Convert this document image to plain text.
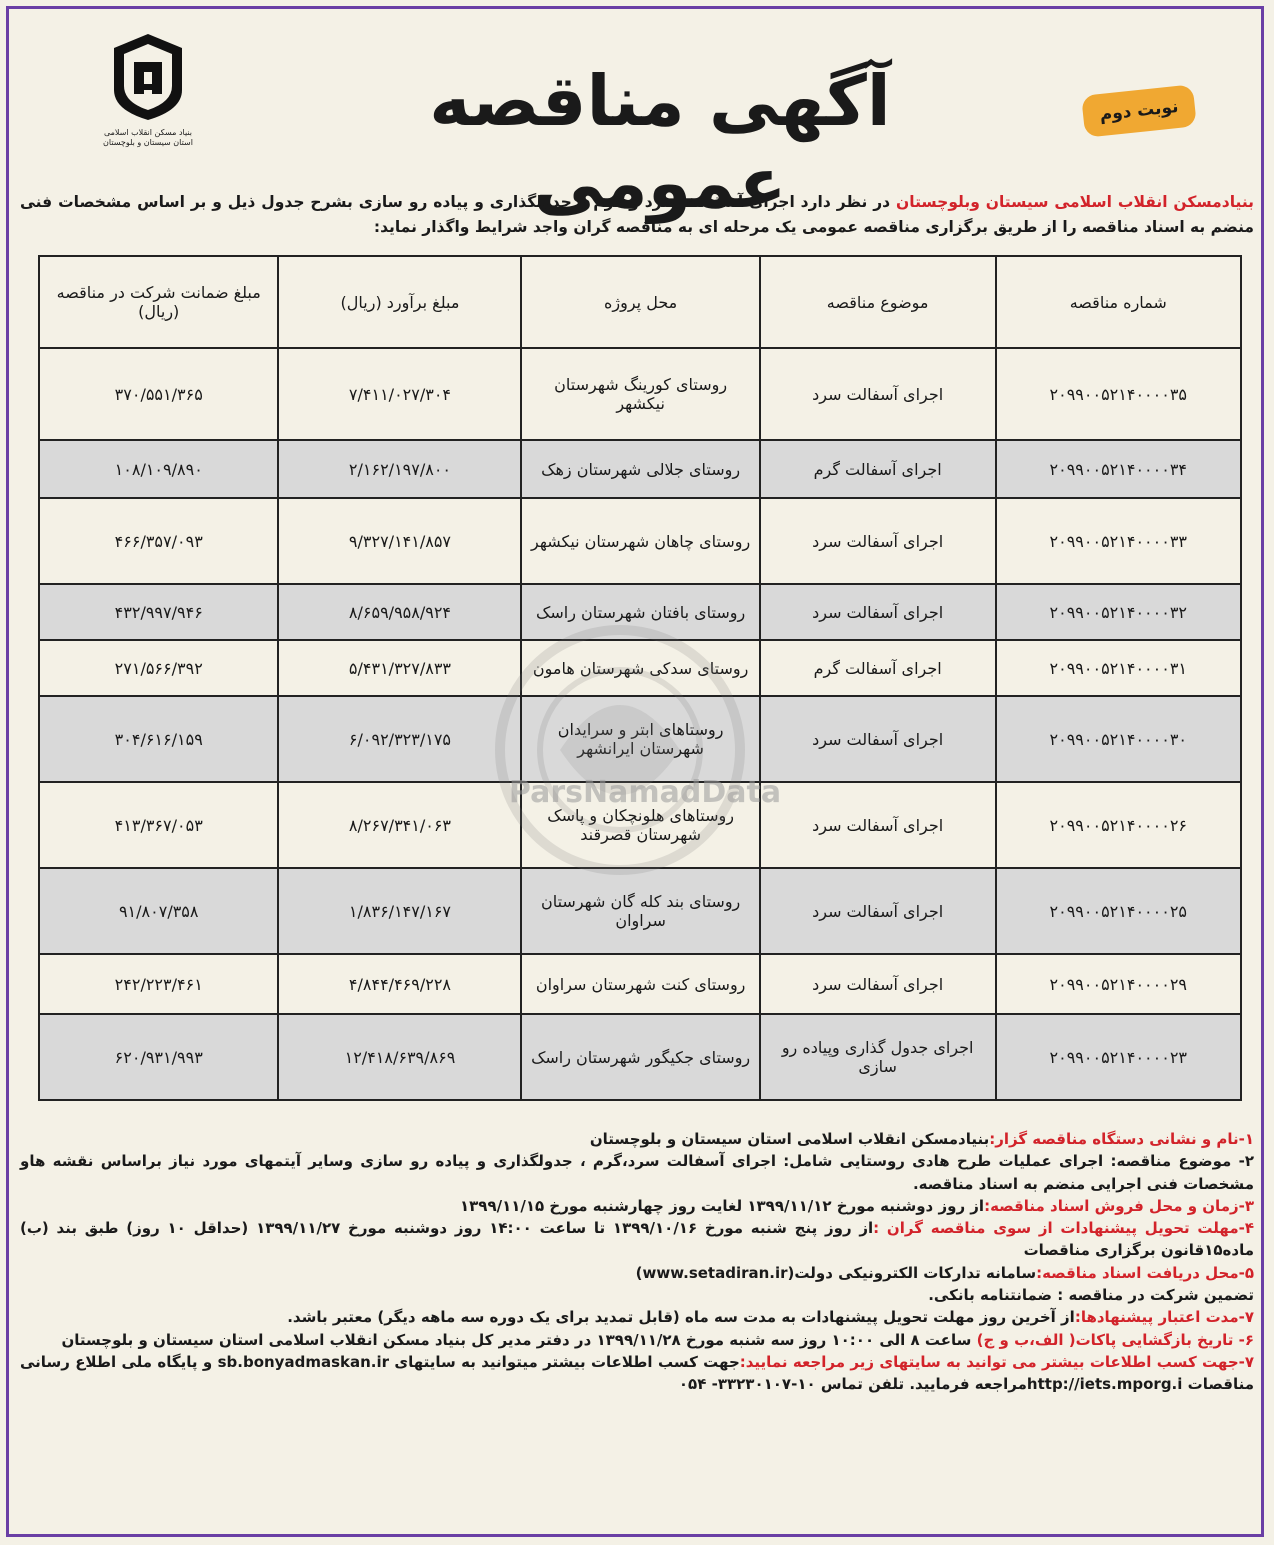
بنیاد مسکن انقلاب اسلامی استان سیستان و بلوچستان
آگهی مناقصه عمومی
نوبت دوم
بنیادمسکن انقلاب اسلامی سیستان وبلوچستان در نظر دارد اجرای آسفالت سرد و گرم و جدولگذاری و پیاده رو سازی بشرح جدول ذیل و بر اساس مشخصات فنی منضم به اسناد مناقصه را از طریق برگزاری مناقصه عمومی یک مرحله ای به مناقصه گران واجد شرایط واگذار نماید:
شماره مناقصه	موضوع مناقصه	محل پروژه	مبلغ برآورد (ریال)	مبلغ ضمانت شرکت در مناقصه (ریال)
۲۰۹۹۰۰۵۲۱۴۰۰۰۰۳۵	اجرای آسفالت سرد	روستای کورینگ شهرستان نیکشهر	۷/۴۱۱/۰۲۷/۳۰۴	۳۷۰/۵۵۱/۳۶۵
۲۰۹۹۰۰۵۲۱۴۰۰۰۰۳۴	اجرای آسفالت گرم	روستای جلالی شهرستان زهک	۲/۱۶۲/۱۹۷/۸۰۰	۱۰۸/۱۰۹/۸۹۰
۲۰۹۹۰۰۵۲۱۴۰۰۰۰۳۳	اجرای آسفالت سرد	روستای چاهان شهرستان نیکشهر	۹/۳۲۷/۱۴۱/۸۵۷	۴۶۶/۳۵۷/۰۹۳
۲۰۹۹۰۰۵۲۱۴۰۰۰۰۳۲	اجرای آسفالت سرد	روستای بافتان شهرستان راسک	۸/۶۵۹/۹۵۸/۹۲۴	۴۳۲/۹۹۷/۹۴۶
۲۰۹۹۰۰۵۲۱۴۰۰۰۰۳۱	اجرای آسفالت گرم	روستای سدکی شهرستان هامون	۵/۴۳۱/۳۲۷/۸۳۳	۲۷۱/۵۶۶/۳۹۲
۲۰۹۹۰۰۵۲۱۴۰۰۰۰۳۰	اجرای آسفالت سرد	روستاهای ابتر و سرایدان شهرستان ایرانشهر	۶/۰۹۲/۳۲۳/۱۷۵	۳۰۴/۶۱۶/۱۵۹
۲۰۹۹۰۰۵۲۱۴۰۰۰۰۲۶	اجرای آسفالت سرد	روستاهای هلونچکان و پاسک شهرستان قصرقند	۸/۲۶۷/۳۴۱/۰۶۳	۴۱۳/۳۶۷/۰۵۳
۲۰۹۹۰۰۵۲۱۴۰۰۰۰۲۵	اجرای آسفالت سرد	روستای بند کله گان شهرستان سراوان	۱/۸۳۶/۱۴۷/۱۶۷	۹۱/۸۰۷/۳۵۸
۲۰۹۹۰۰۵۲۱۴۰۰۰۰۲۹	اجرای آسفالت سرد	روستای کنت شهرستان سراوان	۴/۸۴۴/۴۶۹/۲۲۸	۲۴۲/۲۲۳/۴۶۱
۲۰۹۹۰۰۵۲۱۴۰۰۰۰۲۳	اجرای جدول گذاری وپیاده رو سازی	روستای جکیگور شهرستان راسک	۱۲/۴۱۸/۶۳۹/۸۶۹	۶۲۰/۹۳۱/۹۹۳
ParsNamadData

۱-نام و نشانی دستگاه مناقصه گزار:بنیادمسکن انقلاب اسلامی استان سیستان و بلوچستان

۲- موضوع مناقصه: اجرای عملیات طرح هادی روستایی شامل: اجرای آسفالت سرد،گرم ، جدولگذاری و پیاده رو سازی وسایر آیتمهای مورد نیاز براساس نقشه هاو مشخصات فنی اجرایی منضم به اسناد مناقصه.

۳-زمان و محل فروش اسناد مناقصه:از روز دوشنبه مورخ ۱۳۹۹/۱۱/۱۲ لغایت روز چهارشنبه مورخ ۱۳۹۹/۱۱/۱۵

۴-مهلت تحویل پیشنهادات از سوی مناقصه گران :از روز پنج شنبه مورخ ۱۳۹۹/۱۰/۱۶ تا ساعت ۱۴:۰۰ روز دوشنبه مورخ ۱۳۹۹/۱۱/۲۷ (حداقل ۱۰ روز) طبق بند (ب) ماده۱۵قانون برگزاری مناقصات

۵-محل دریافت اسناد مناقصه:سامانه تدارکات الکترونیکی دولت(www.setadiran.ir)

تضمین شرکت در مناقصه : ضمانتنامه بانکی.

۷-مدت اعتبار پیشنهادها:از آخرین روز مهلت تحویل پیشنهادات به مدت سه ماه (قابل تمدید برای یک دوره سه ماهه دیگر) معتبر باشد.

۶- تاریخ بازگشایی پاکات( الف،ب و ج) ساعت ۸ الی ۱۰:۰۰ روز سه شنبه مورخ ۱۳۹۹/۱۱/۲۸ در دفتر مدیر کل بنیاد مسکن انقلاب اسلامی استان سیستان و بلوچستان

۷-جهت کسب اطلاعات بیشتر می توانید به سایتهای زیر مراجعه نمایید:جهت کسب اطلاعات بیشتر میتوانید به سایتهای sb.bonyadmaskan.ir و پایگاه ملی اطلاع رسانی مناقصات http://iets.mporg.iمراجعه فرمایید. تلفن تماس ۱۰-۳۳۲۳۰۱۰۷- ۰۵۴
